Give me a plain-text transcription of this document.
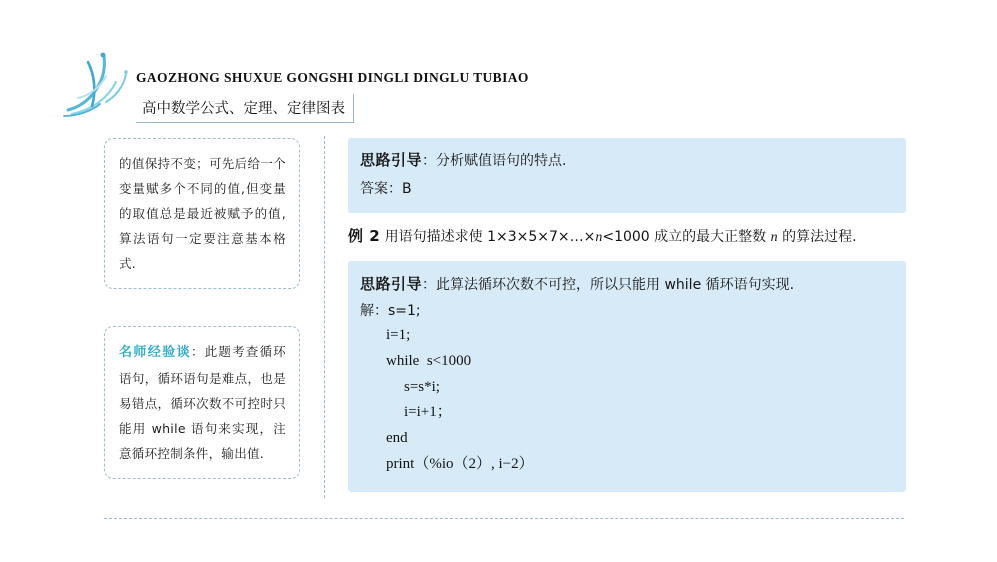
GAOZHONG SHUXUE GONGSHI DINGLI DINGLU TUBIAO
高中数学公式、定理、定律图表
的值保持不变；可先后给一个变量赋多个不同的值,但变量的取值总是最近被赋予的值,算法语句一定要注意基本格式.
名师经验谈：此题考查循环语句，循环语句是难点，也是易错点，循环次数不可控时只能用 while 语句来实现，注意循环控制条件，输出值.
思路引导：分析赋值语句的特点.
答案：B
例 2 用语句描述求使 1×3×5×7×…×n<1000 成立的最大正整数 n 的算法过程.
思路引导：此算法循环次数不可控，所以只能用 while 循环语句实现.
解：s=1;
i=1;
while  s<1000
s=s*i;
i=i+1；
end
print（%io（2）, i−2）
